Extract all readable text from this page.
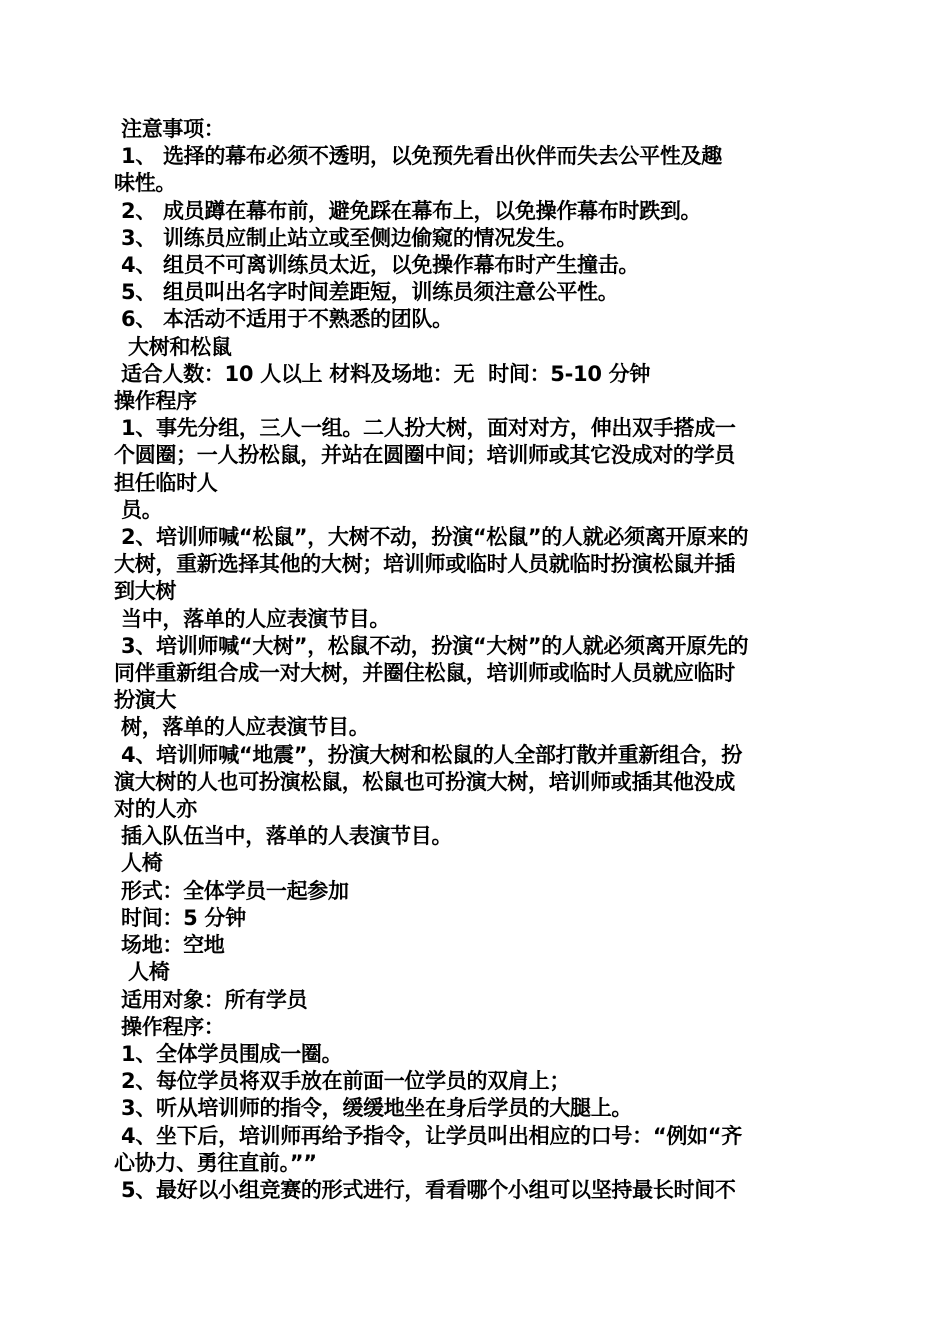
注意事项：
1、 选择的幕布必须不透明，以免预先看出伙伴而失去公平性及趣
味性。
2、 成员蹲在幕布前，避免踩在幕布上，以免操作幕布时跌到。
3、 训练员应制止站立或至侧边偷窥的情况发生。
4、 组员不可离训练员太近，以免操作幕布时产生撞击。
5、 组员叫出名字时间差距短，训练员须注意公平性。
6、 本活动不适用于不熟悉的团队。
大树和松鼠
适合人数：10 人以上 材料及场地：无  时间：5-10 分钟
操作程序
1、事先分组，三人一组。二人扮大树，面对对方，伸出双手搭成一
个圆圈；一人扮松鼠，并站在圆圈中间；培训师或其它没成对的学员
担任临时人
员。
2、培训师喊“松鼠”，大树不动，扮演“松鼠”的人就必须离开原来的
大树，重新选择其他的大树；培训师或临时人员就临时扮演松鼠并插
到大树
当中，落单的人应表演节目。
3、培训师喊“大树”，松鼠不动，扮演“大树”的人就必须离开原先的
同伴重新组合成一对大树，并圈住松鼠，培训师或临时人员就应临时
扮演大
树，落单的人应表演节目。
4、培训师喊“地震”，扮演大树和松鼠的人全部打散并重新组合，扮
演大树的人也可扮演松鼠，松鼠也可扮演大树，培训师或插其他没成
对的人亦
插入队伍当中，落单的人表演节目。
人椅
形式：全体学员一起参加
时间：5 分钟
场地：空地
人椅
适用对象：所有学员
操作程序：
1、全体学员围成一圈。
2、每位学员将双手放在前面一位学员的双肩上；
3、听从培训师的指令，缓缓地坐在身后学员的大腿上。
4、坐下后，培训师再给予指令，让学员叫出相应的口号：“例如“齐
心协力、勇往直前。””
5、最好以小组竞赛的形式进行，看看哪个小组可以坚持最长时间不
